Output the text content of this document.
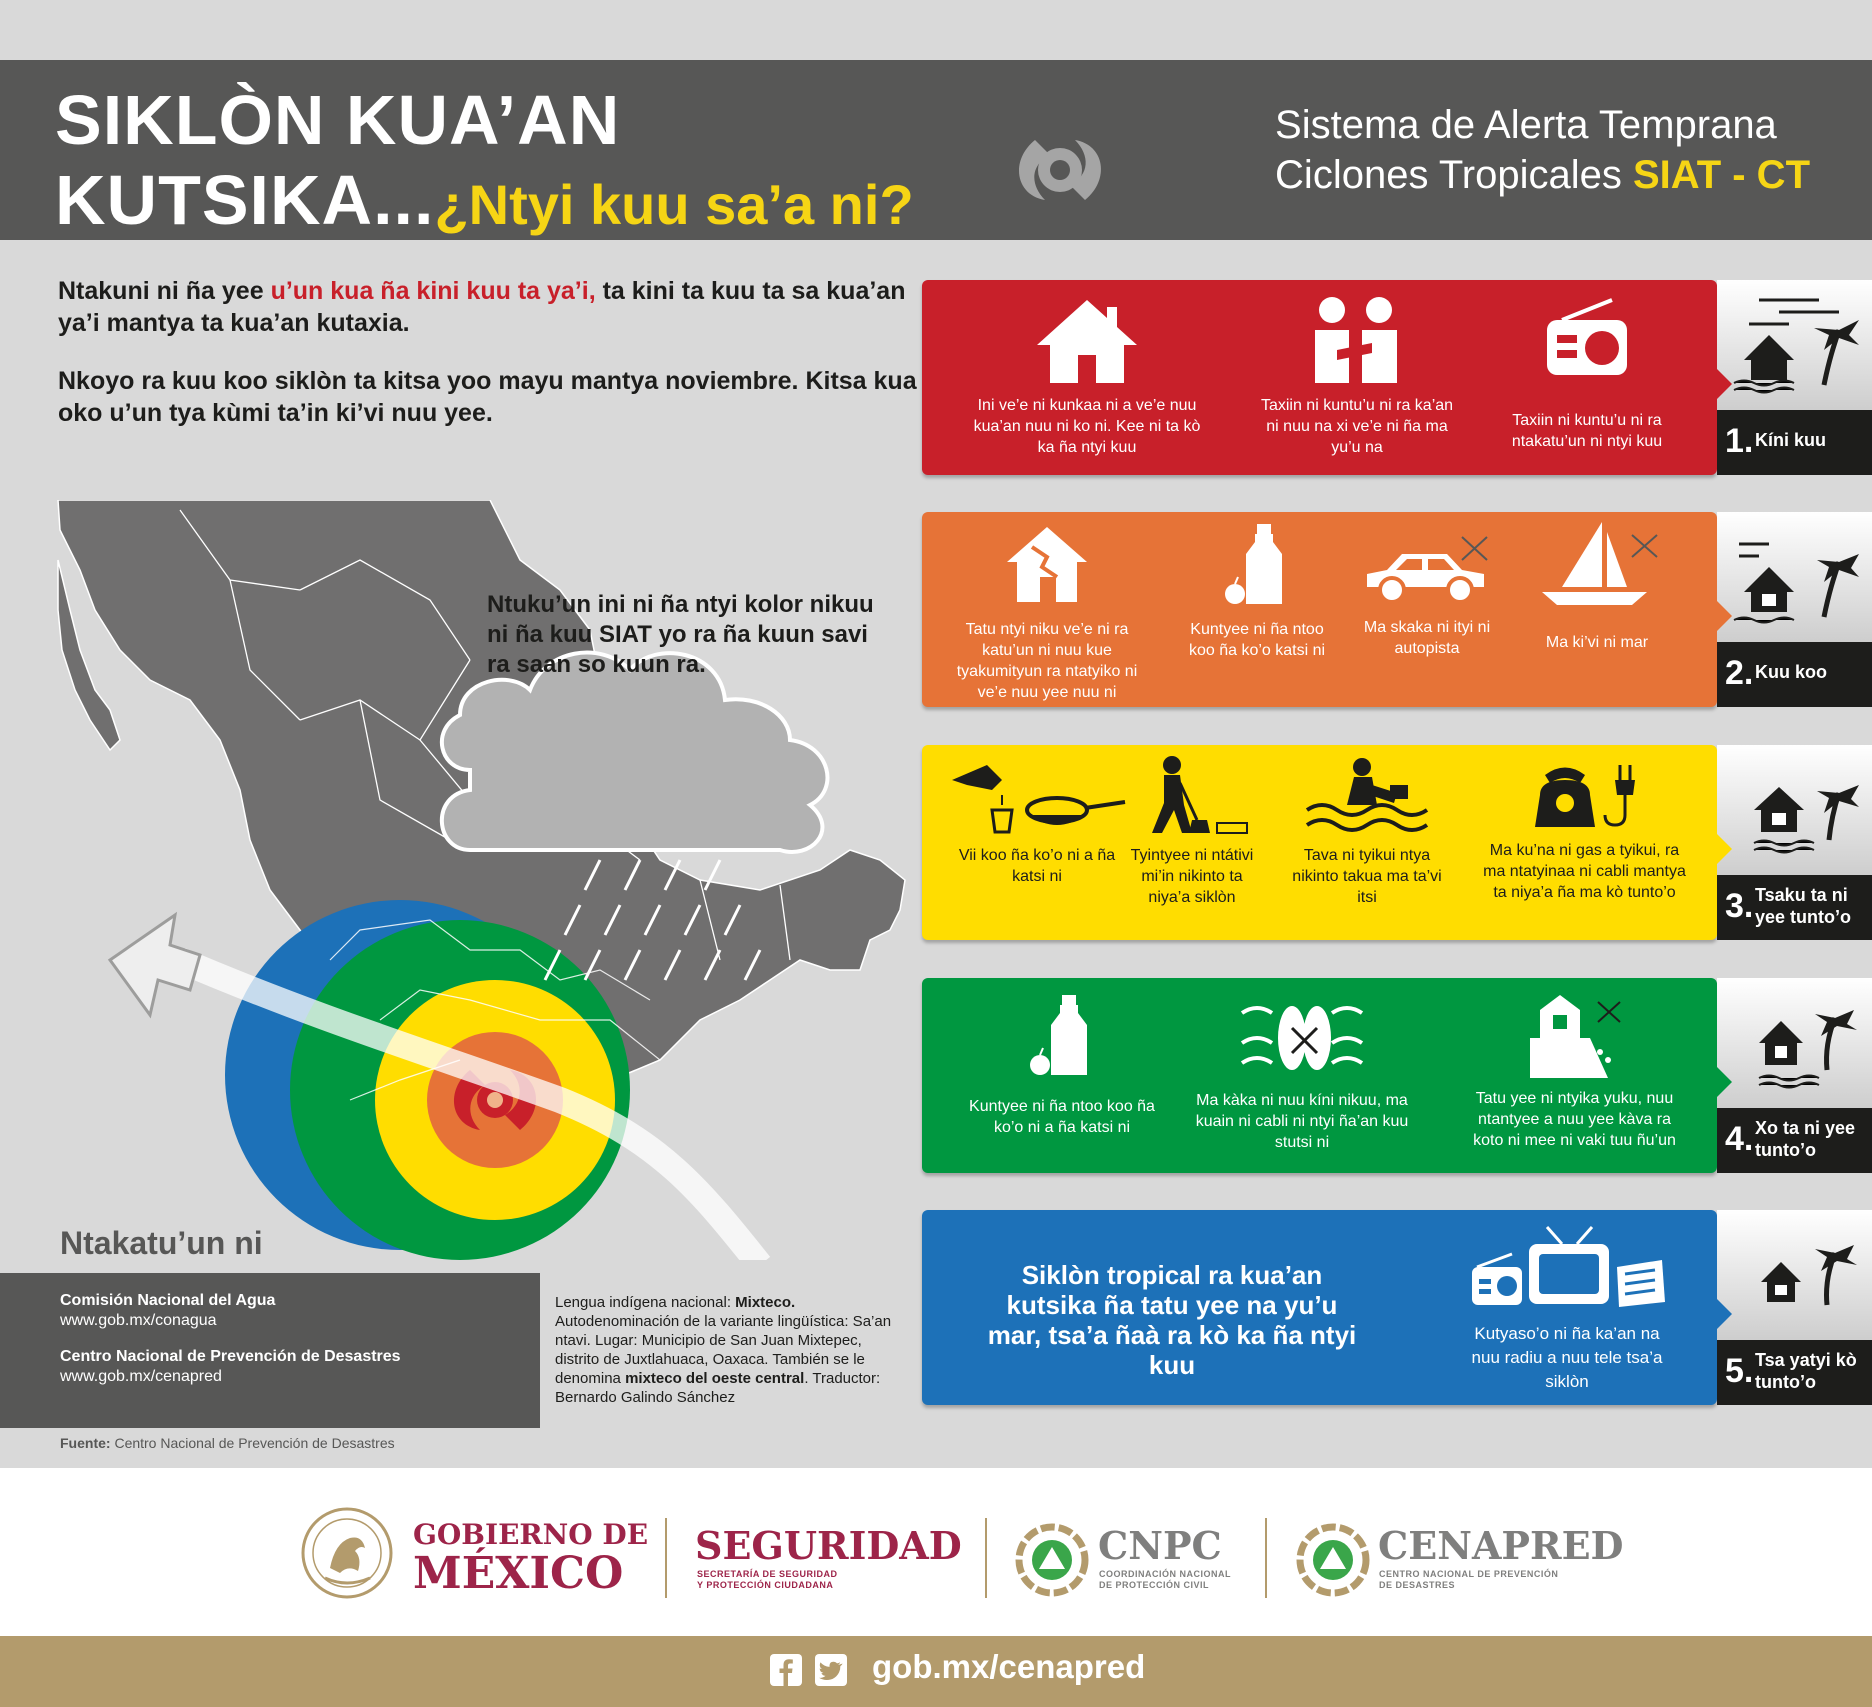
SIKLÒN KUA’AN
KUTSIKA...¿Ntyi kuu sa’a ni?
Sistema de Alerta Temprana
Ciclones Tropicales SIAT - CT

Ntakuni ni ña yee u’un kua ña kini kuu ta ya’i, ta kini ta kuu ta sa kua’an ya’i mantya ta kua’an kutaxia.

Nkoyo ra kuu koo siklòn ta kitsa yoo mayu mantya noviembre. Kitsa kua oko u’un tya kùmi ta’in ki’vi nuu yee.

Ntuku’un ini ni ña ntyi kolor nikuu ni ña kuu SIAT yo ra ña kuun savi ra saan so kuun ra.
Ntakatu’un ni
Comisión Nacional del Agua
www.gob.mx/conagua
Centro Nacional de Prevención de Desastres
www.gob.mx/cenapred
Lengua indígena nacional: Mixteco. Autodenominación de la variante lingüística: Sa’an ntavi. Lugar: Municipio de San Juan Mixtepec, distrito de Juxtlahuaca, Oaxaca. También se le denomina mixteco del oeste central. Traductor: Bernardo Galindo Sánchez
Fuente: Centro Nacional de Prevención de Desastres
Ini ve’e ni kunkaa ni a ve’e nuu kua’an nuu ni ko ni. Kee ni ta kò ka ña ntyi kuu
Taxiin ni kuntu’u ni ra ka’an ni nuu na xi ve’e ni ña ma yu’u na
Taxiin ni kuntu’u ni ra ntakatu’un ni ntyi kuu	1. Kíni kuu
Tatu ntyi niku ve’e ni ra katu’un ni nuu kue tyakumityun ra ntatyiko ni ve’e nuu yee nuu ni
Kuntyee ni ña ntoo koo ña ko’o katsi ni
Ma skaka ni ityi ni autopista	Ma ki’vi ni mar
2. Kuu koo
Vii koo ña ko’o ni a ña katsi ni
Tyintyee ni ntátivi mi’in nikinto ta niya’a siklòn
Tava ni tyikui ntya nikinto takua ma ta’vi itsi
Ma ku’na ni gas a tyikui, ra ma ntatyinaa ni cabli mantya ta niya’a ña ma kò tunto’o	3. Tsaku ta ni yee tunto’o
Kuntyee ni ña ntoo koo ña ko’o ni a ña katsi ni
Ma kàka ni nuu kíni nikuu, ma kuain ni cabli ni ntyi ña’an kuu stutsi ni
Tatu yee ni ntyika yuku, nuu ntantyee a nuu yee kàva ra koto ni mee ni vaki tuu ñu’un 4. Xo ta ni yee tunto’o
Siklòn tropical ra kua’an kutsika ña tatu yee na yu’u mar, tsa’a ñaà ra kò ka ña ntyi kuu
Kutyaso’o ni ña ka’an na nuu radiu a nuu tele tsa’a siklòn	5. Tsa yatyi kò tunto’o
GOBIERNO DE
MÉXICO
SEGURIDAD
SECRETARÍA DE SEGURIDAD
Y PROTECCIÓN CIUDADANA
CNPC
COORDINACIÓN NACIONAL
DE PROTECCIÓN CIVIL
CENAPRED
CENTRO NACIONAL DE PREVENCIÓN
DE DESASTRES
gob.mx/cenapred
